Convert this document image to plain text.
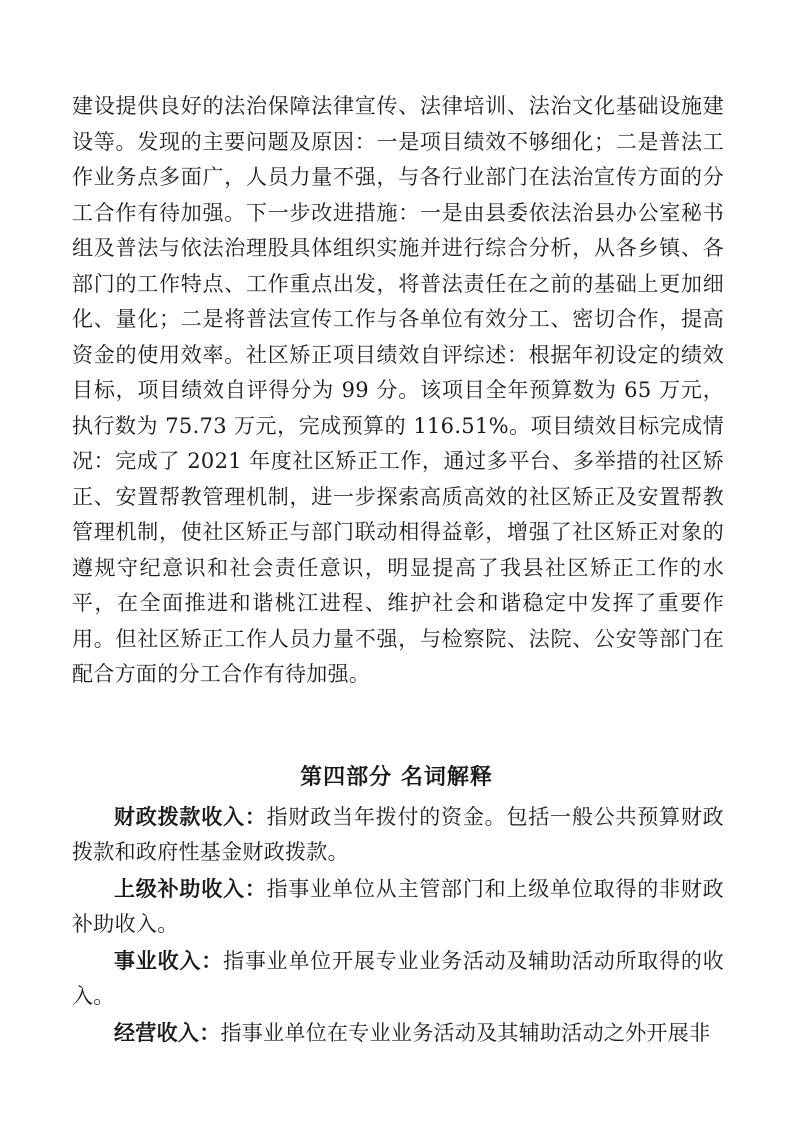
建设提供良好的法治保障法律宣传、法律培训、法治文化基础设施建设等。发现的主要问题及原因：一是项目绩效不够细化；二是普法工作业务点多面广，人员力量不强，与各行业部门在法治宣传方面的分工合作有待加强。下一步改进措施：一是由县委依法治县办公室秘书组及普法与依法治理股具体组织实施并进行综合分析，从各乡镇、各部门的工作特点、工作重点出发，将普法责任在之前的基础上更加细化、量化；二是将普法宣传工作与各单位有效分工、密切合作，提高资金的使用效率。社区矫正项目绩效自评综述：根据年初设定的绩效目标，项目绩效自评得分为 99 分。该项目全年预算数为 65 万元，执行数为 75.73 万元，完成预算的 116.51%。项目绩效目标完成情况：完成了 2021 年度社区矫正工作，通过多平台、多举措的社区矫正、安置帮教管理机制，进一步探索高质高效的社区矫正及安置帮教管理机制，使社区矫正与部门联动相得益彰，增强了社区矫正对象的遵规守纪意识和社会责任意识，明显提高了我县社区矫正工作的水平，在全面推进和谐桃江进程、维护社会和谐稳定中发挥了重要作用。但社区矫正工作人员力量不强，与检察院、法院、公安等部门在配合方面的分工合作有待加强。

第四部分 名词解释

财政拨款收入：指财政当年拨付的资金。包括一般公共预算财政拨款和政府性基金财政拨款。

上级补助收入：指事业单位从主管部门和上级单位取得的非财政补助收入。

事业收入：指事业单位开展专业业务活动及辅助活动所取得的收入。

经营收入：指事业单位在专业业务活动及其辅助活动之外开展非
